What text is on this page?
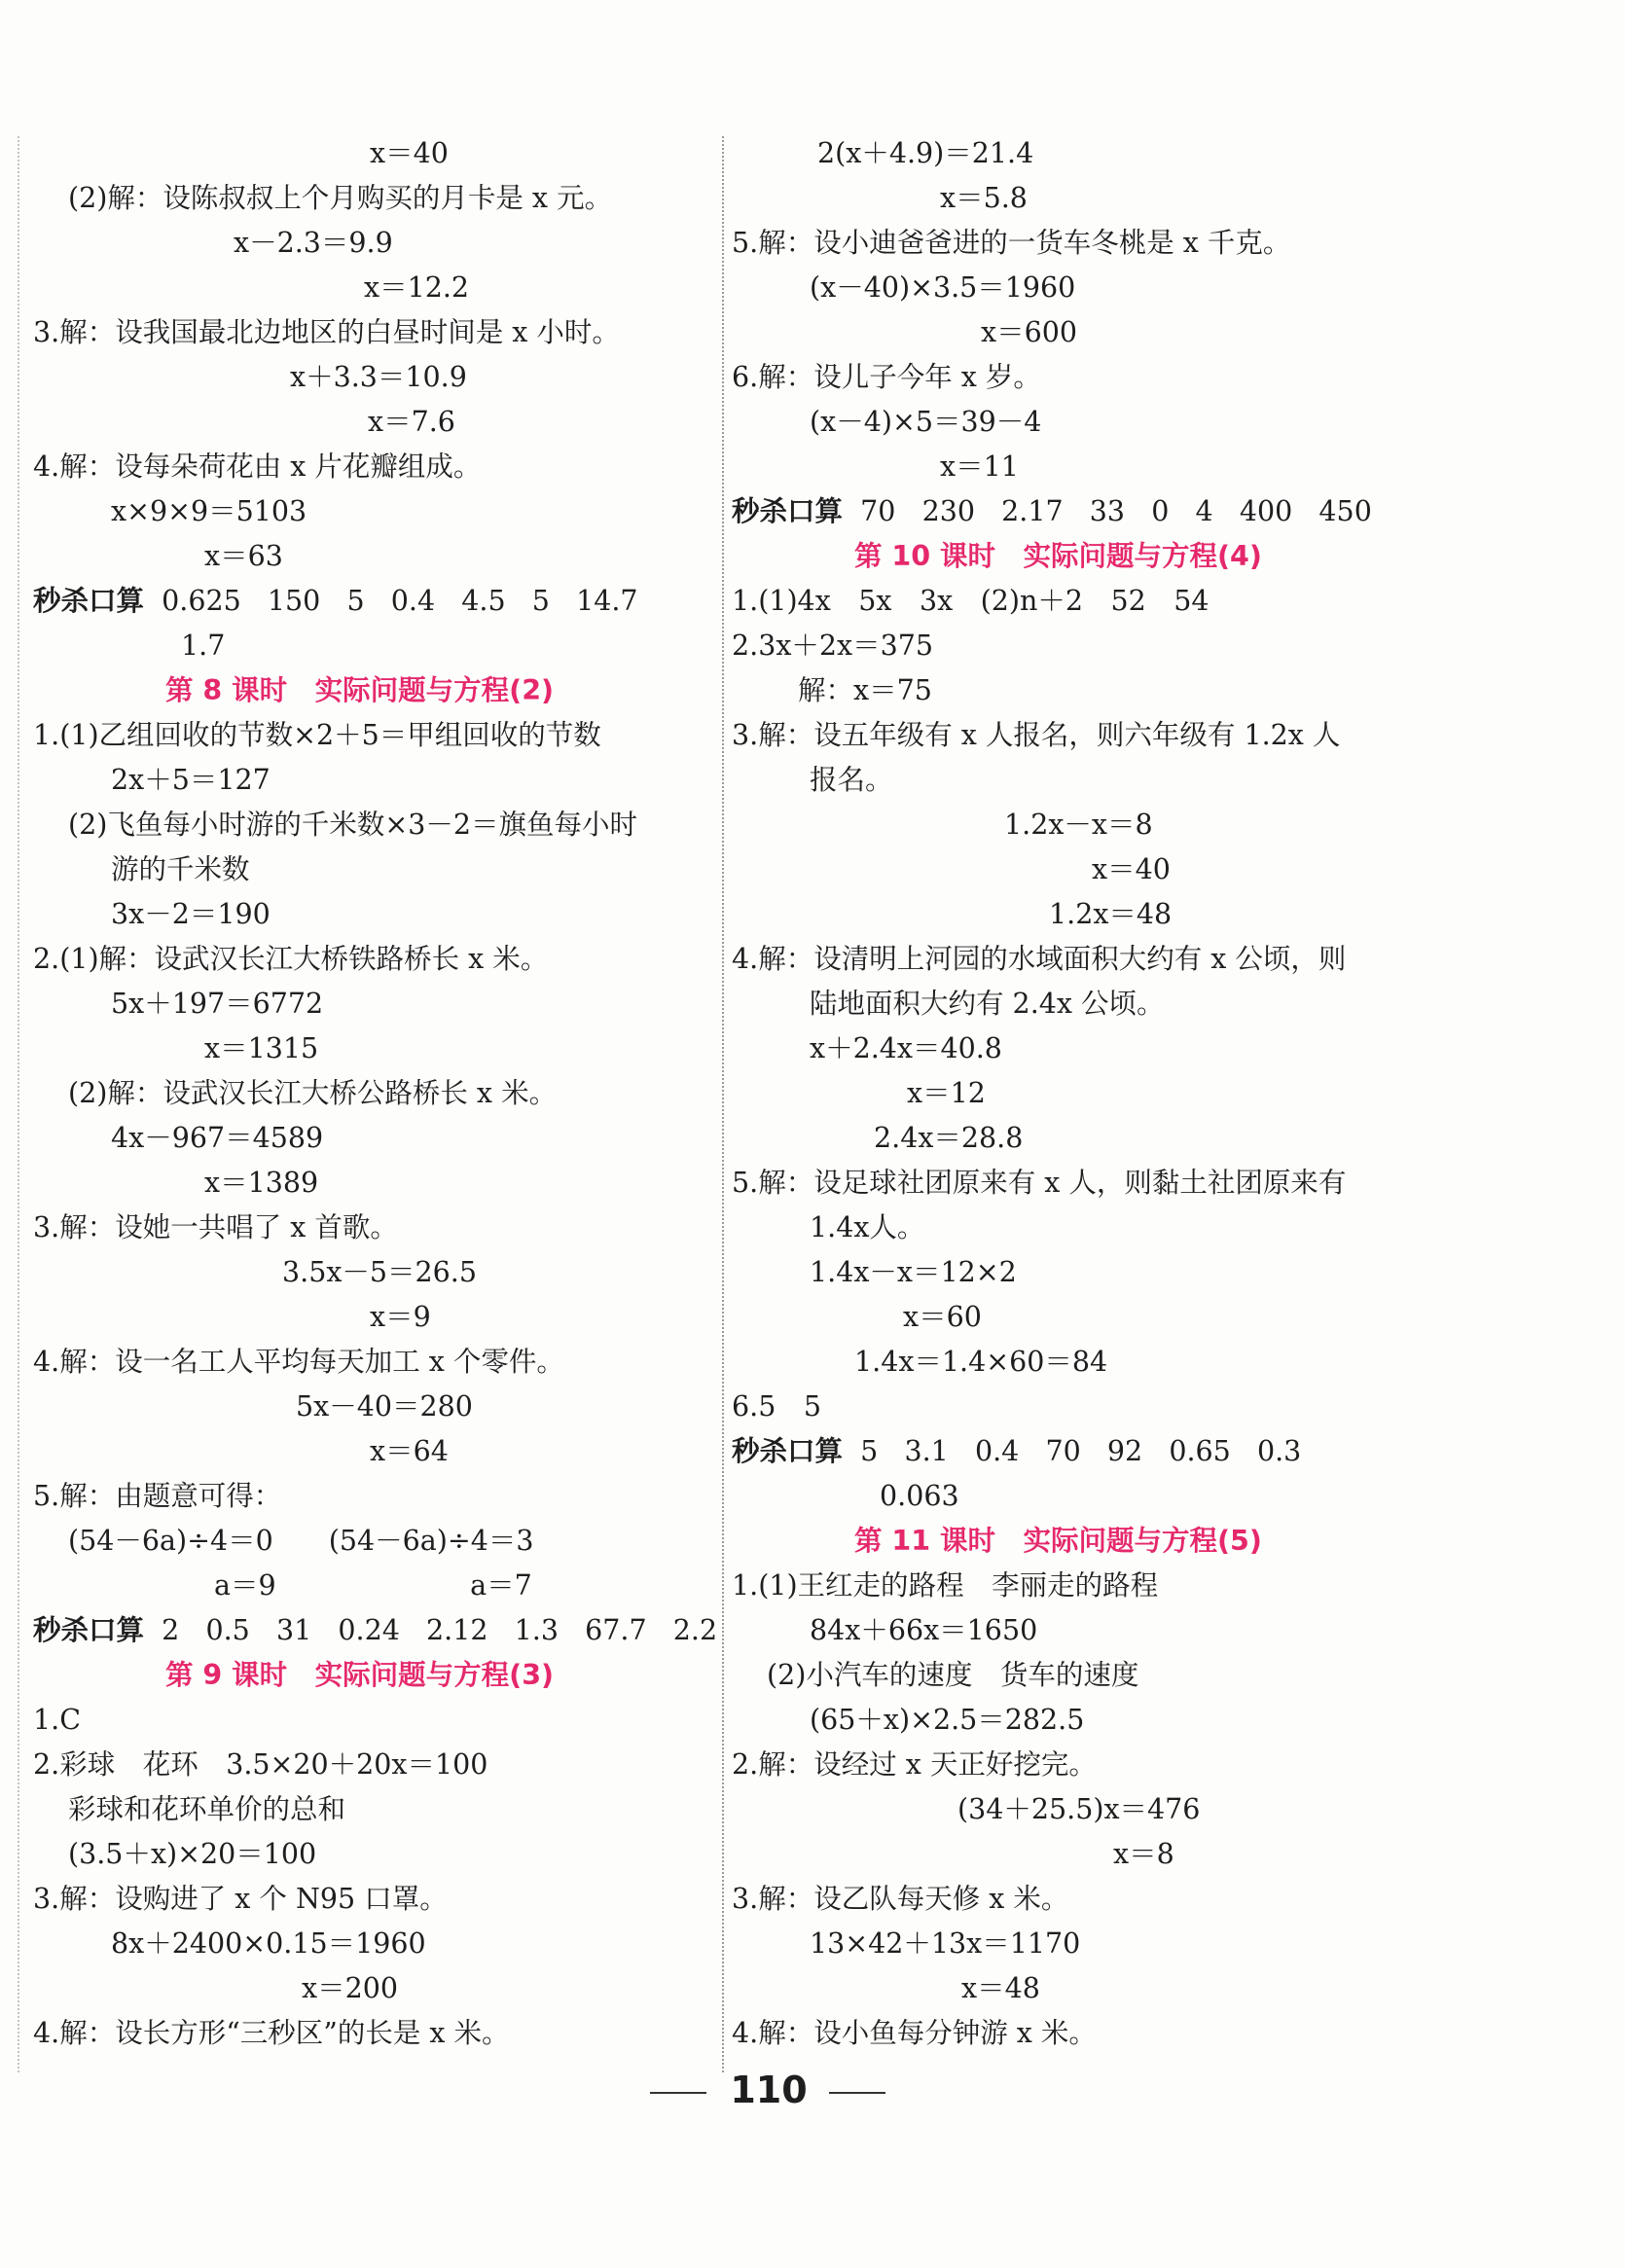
x＝40
(2)解：设陈叔叔上个月购买的月卡是 x 元。
x－2.3＝9.9
x＝12.2
3.解：设我国最北边地区的白昼时间是 x 小时。
x＋3.3＝10.9
x＝7.6
4.解：设每朵荷花由 x 片花瓣组成。
x×9×9＝5103
x＝63
秒杀口算  0.625   150   5   0.4   4.5   5   14.7
1.7
第 8 课时　实际问题与方程(2)
1.(1)乙组回收的节数×2＋5＝甲组回收的节数
2x＋5＝127
(2)飞鱼每小时游的千米数×3－2＝旗鱼每小时
游的千米数
3x－2＝190
2.(1)解：设武汉长江大桥铁路桥长 x 米。
5x＋197＝6772
x＝1315
(2)解：设武汉长江大桥公路桥长 x 米。
4x－967＝4589
x＝1389
3.解：设她一共唱了 x 首歌。
3.5x－5＝26.5
x＝9
4.解：设一名工人平均每天加工 x 个零件。
5x－40＝280
x＝64
5.解：由题意可得：
(54－6a)÷4＝0　　(54－6a)÷4＝3
a＝9　　　　　　　a＝7
秒杀口算  2   0.5   31   0.24   2.12   1.3   67.7   2.2
第 9 课时　实际问题与方程(3)
1.C
2.彩球　花环　3.5×20＋20x＝100
彩球和花环单价的总和
(3.5＋x)×20＝100
3.解：设购进了 x 个 N95 口罩。
8x＋2400×0.15＝1960
x＝200
4.解：设长方形“三秒区”的长是 x 米。
2(x＋4.9)＝21.4
x＝5.8
5.解：设小迪爸爸进的一货车冬桃是 x 千克。
(x－40)×3.5＝1960
x＝600
6.解：设儿子今年 x 岁。
(x－4)×5＝39－4
x＝11
秒杀口算  70   230   2.17   33   0   4   400   450
第 10 课时　实际问题与方程(4)
1.(1)4x　5x　3x　(2)n＋2　52　54
2.3x＋2x＝375
解：x＝75
3.解：设五年级有 x 人报名，则六年级有 1.2x 人
报名。
1.2x－x＝8
x＝40
1.2x＝48
4.解：设清明上河园的水域面积大约有 x 公顷，则
陆地面积大约有 2.4x 公顷。
x＋2.4x＝40.8
x＝12
2.4x＝28.8
5.解：设足球社团原来有 x 人，则黏土社团原来有
1.4x人。
1.4x－x＝12×2
x＝60
1.4x＝1.4×60＝84
6.5　5
秒杀口算  5   3.1   0.4   70   92   0.65   0.3
0.063
第 11 课时　实际问题与方程(5)
1.(1)王红走的路程　李丽走的路程
84x＋66x＝1650
(2)小汽车的速度　货车的速度
(65＋x)×2.5＝282.5
2.解：设经过 x 天正好挖完。
(34＋25.5)x＝476
x＝8
3.解：设乙队每天修 x 米。
13×42＋13x＝1170
x＝48
4.解：设小鱼每分钟游 x 米。
110
